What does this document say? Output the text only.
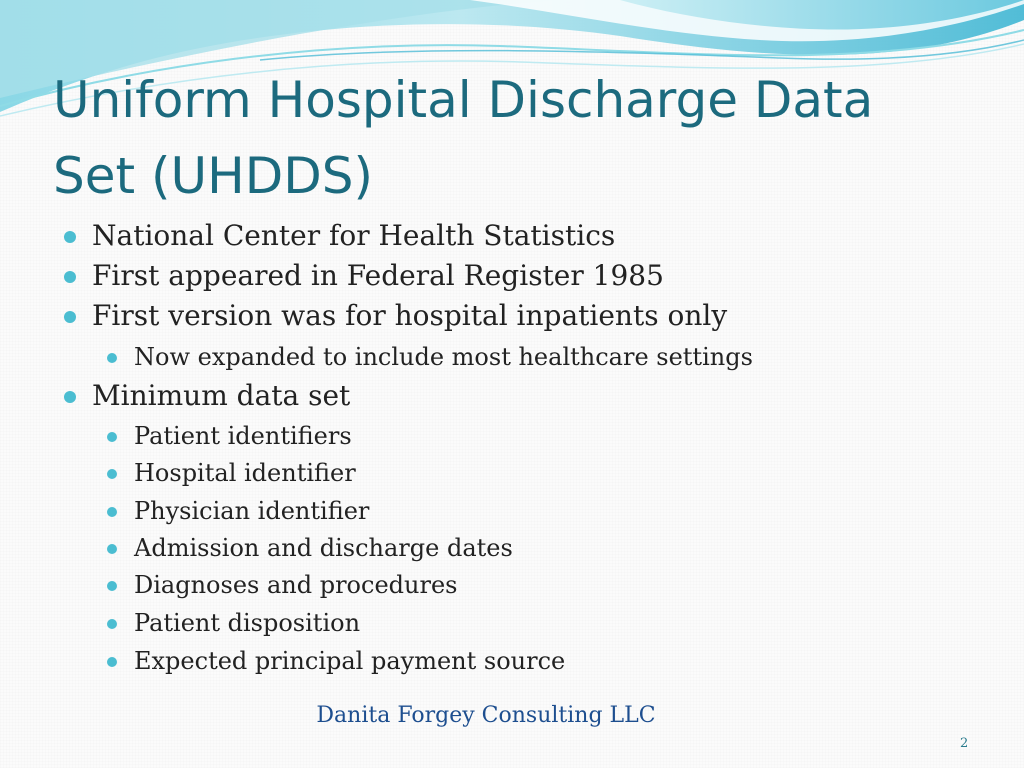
Uniform Hospital Discharge Data
Set (UHDDS)
National Center for Health Statistics
First appeared in Federal Register 1985
First version was for hospital inpatients only
Now expanded to include most healthcare settings
Minimum data set
Patient identifiers
Hospital identifier
Physician identifier
Admission and discharge dates
Diagnoses and procedures
Patient disposition
Expected principal payment source
Danita Forgey Consulting LLC
2
